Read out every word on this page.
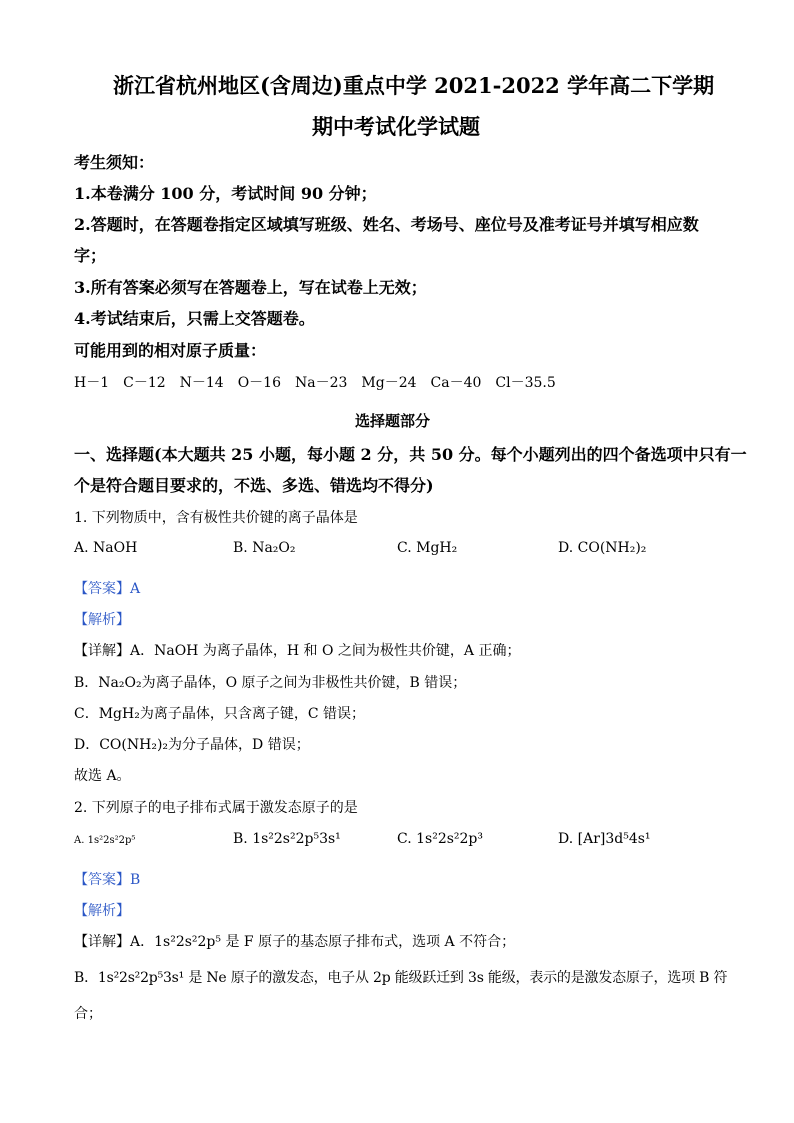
浙江省杭州地区(含周边)重点中学 2021-2022 学年高二下学期
期中考试化学试题
考生须知：
1.本卷满分 100 分，考试时间 90 分钟；
2.答题时，在答题卷指定区域填写班级、姓名、考场号、座位号及准考证号并填写相应数
字；
3.所有答案必须写在答题卷上，写在试卷上无效；
4.考试结束后，只需上交答题卷。
可能用到的相对原子质量：
H－1　C－12　N－14　O－16　Na－23　Mg－24　Ca－40　Cl－35.5
选择题部分
一、选择题(本大题共 25 小题，每小题 2 分，共 50 分。每个小题列出的四个备选项中只有一
个是符合题目要求的，不选、多选、错选均不得分)
1. 下列物质中，含有极性共价键的离子晶体是
A. NaOH	B. Na₂O₂	C. MgH₂	D. CO(NH₂)₂
【答案】A
【解析】
【详解】A．NaOH 为离子晶体，H 和 O 之间为极性共价键，A 正确；
B．Na₂O₂为离子晶体，O 原子之间为非极性共价键，B 错误；
C．MgH₂为离子晶体，只含离子键，C 错误；
D．CO(NH₂)₂为分子晶体，D 错误；
故选 A。
2. 下列原子的电子排布式属于激发态原子的是
A. 1s²2s²2p⁵	B. 1s²2s²2p⁵3s¹	C. 1s²2s²2p³	D. [Ar]3d⁵4s¹
【答案】B
【解析】
【详解】A．1s²2s²2p⁵ 是 F 原子的基态原子排布式，选项 A 不符合；
B．1s²2s²2p⁵3s¹ 是 Ne 原子的激发态，电子从 2p 能级跃迁到 3s 能级，表示的是激发态原子，选项 B 符
合；
